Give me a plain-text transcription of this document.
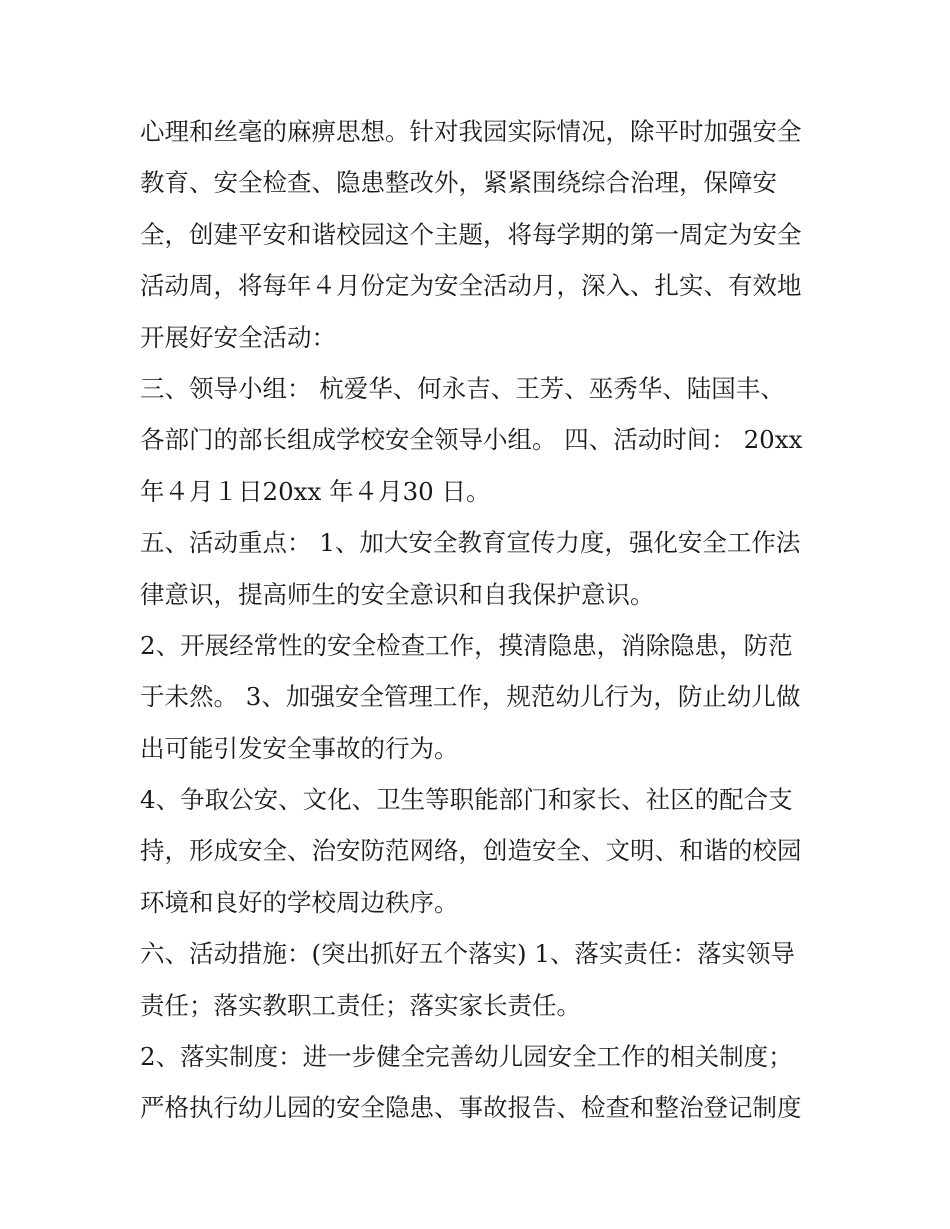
心理和丝毫的麻痹思想。针对我园实际情况，除平时加强安全
教育、安全检查、隐患整改外，紧紧围绕综合治理，保障安
全，创建平安和谐校园这个主题，将每学期的第一周定为安全
活动周，将每年４月份定为安全活动月，深入、扎实、有效地
开展好安全活动：
三、领导小组： 杭爱华、何永吉、王芳、巫秀华、陆国丰、
各部门的部长组成学校安全领导小组。 四、活动时间： 20xx
年４月１日20xx 年４月30 日。
五、活动重点： 1、加大安全教育宣传力度，强化安全工作法
律意识，提高师生的安全意识和自我保护意识。
2、开展经常性的安全检查工作，摸清隐患，消除隐患，防范
于未然。 3、加强安全管理工作，规范幼儿行为，防止幼儿做
出可能引发安全事故的行为。
4、争取公安、文化、卫生等职能部门和家长、社区的配合支
持，形成安全、治安防范网络，创造安全、文明、和谐的校园
环境和良好的学校周边秩序。
六、活动措施：(突出抓好五个落实) 1、落实责任：落实领导
责任；落实教职工责任；落实家长责任。
2、落实制度：进一步健全完善幼儿园安全工作的相关制度；
严格执行幼儿园的安全隐患、事故报告、检查和整治登记制度
